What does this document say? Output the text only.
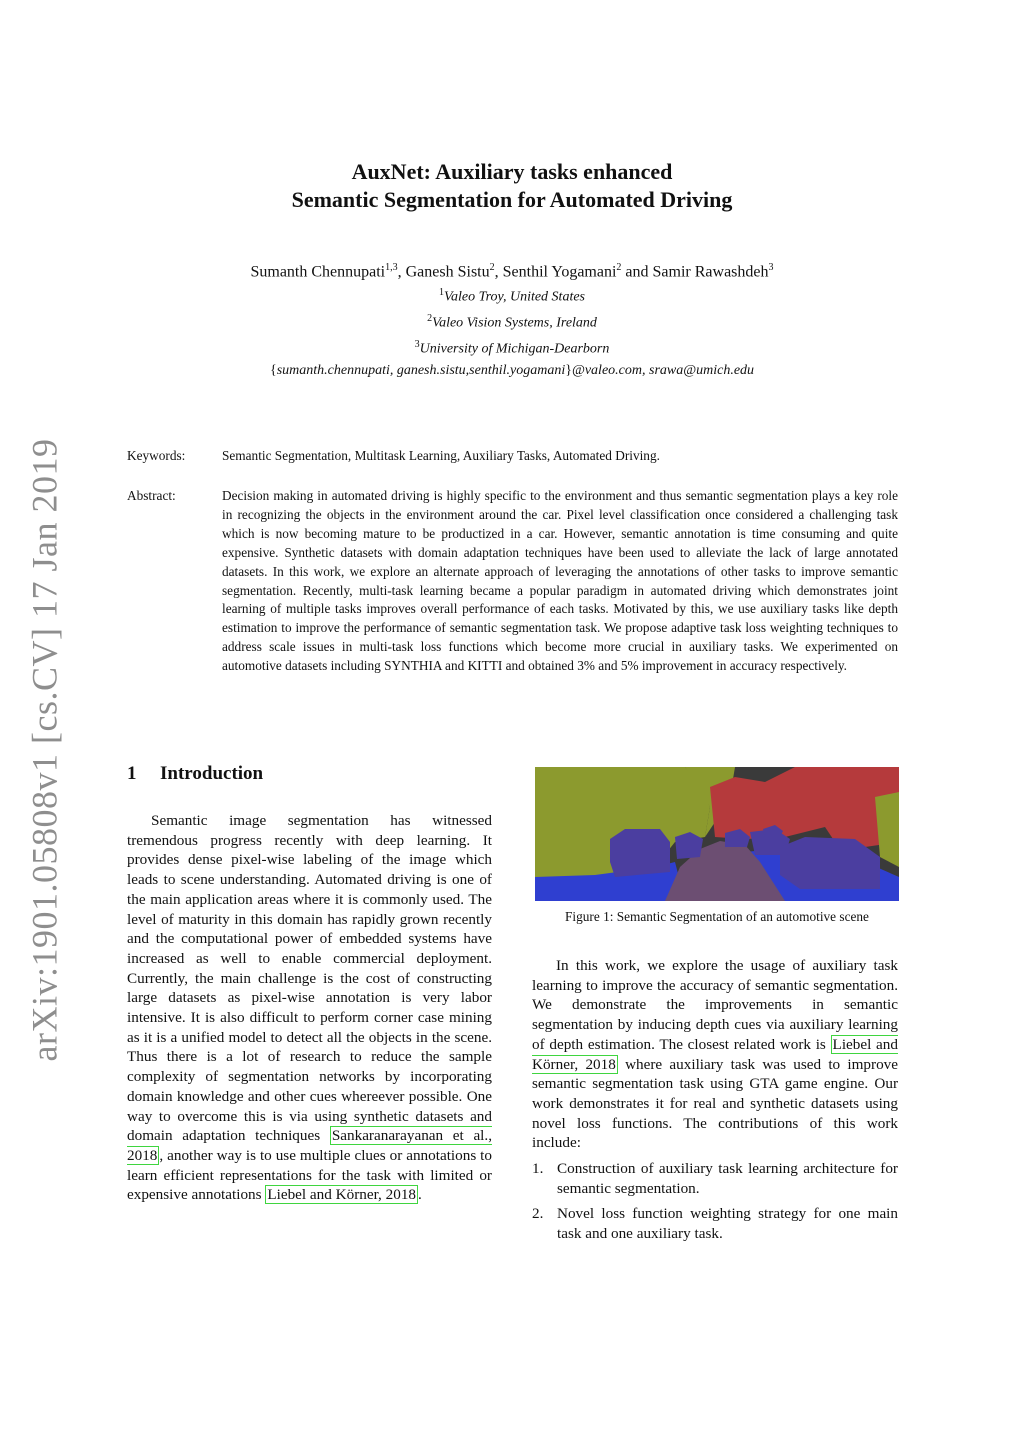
arXiv:1901.05808v1 [cs.CV] 17 Jan 2019
AuxNet: Auxiliary tasks enhanced
Semantic Segmentation for Automated Driving
Sumanth Chennupati$^{1,3}$, Ganesh Sistu$^2$, Senthil Yogamani$^2$ and Samir Rawashdeh$^3$
$^1$Valeo Troy, United States
$^2$Valeo Vision Systems, Ireland
$^3$University of Michigan-Dearborn
{sumanth.chennupati, ganesh.sistu,senthil.yogamani}@valeo.com, srawa@umich.edu
Keywords:	Semantic Segmentation, Multitask Learning, Auxiliary Tasks, Automated Driving.
Abstract:	Decision making in automated driving is highly specific to the environment and thus semantic segmentation plays a key role in recognizing the objects in the environment around the car. Pixel level classification once considered a challenging task which is now becoming mature to be productized in a car. However, semantic annotation is time consuming and quite expensive. Synthetic datasets with domain adaptation techniques have been used to alleviate the lack of large annotated datasets. In this work, we explore an alternate approach of leveraging the annotations of other tasks to improve semantic segmentation. Recently, multi-task learning became a popular paradigm in automated driving which demonstrates joint learning of multiple tasks improves overall performance of each tasks. Motivated by this, we use auxiliary tasks like depth estimation to improve the performance of semantic segmentation task. We propose adaptive task loss weighting techniques to address scale issues in multi-task loss functions which become more crucial in auxiliary tasks. We experimented on automotive datasets including SYNTHIA and KITTI and obtained 3% and 5% improvement in accuracy respectively.
1 Introduction

Semantic image segmentation has witnessed tremendous progress recently with deep learning. It provides dense pixel-wise labeling of the image which leads to scene understanding. Automated driving is one of the main application areas where it is commonly used. The level of maturity in this domain has rapidly grown recently and the computational power of embedded systems have increased as well to enable commercial deployment. Currently, the main challenge is the cost of constructing large datasets as pixel-wise annotation is very labor intensive. It is also difficult to perform corner case mining as it is a unified model to detect all the objects in the scene. Thus there is a lot of research to reduce the sample complexity of segmentation networks by incorporating domain knowledge and other cues whereever possible. One way to overcome this is via using synthetic datasets and domain adaptation techniques Sankaranarayanan et al., 2018 , another way is to use multiple clues or annotations to learn efficient representations for the task with limited or expensive annotations Liebel and Körner, 2018 .

Figure 1: Semantic Segmentation of an automotive scene

In this work, we explore the usage of auxiliary task learning to improve the accuracy of semantic segmentation. We demonstrate the improvements in semantic segmentation by inducing depth cues via auxiliary learning of depth estimation. The closest related work is Liebel and Körner, 2018 where auxiliary task was used to improve semantic segmentation task using GTA game engine. Our work demonstrates it for real and synthetic datasets using novel loss functions. The contributions of this work include:

1. Construction of auxiliary task learning architecture for semantic segmentation.
2. Novel loss function weighting strategy for one main task and one auxiliary task.
